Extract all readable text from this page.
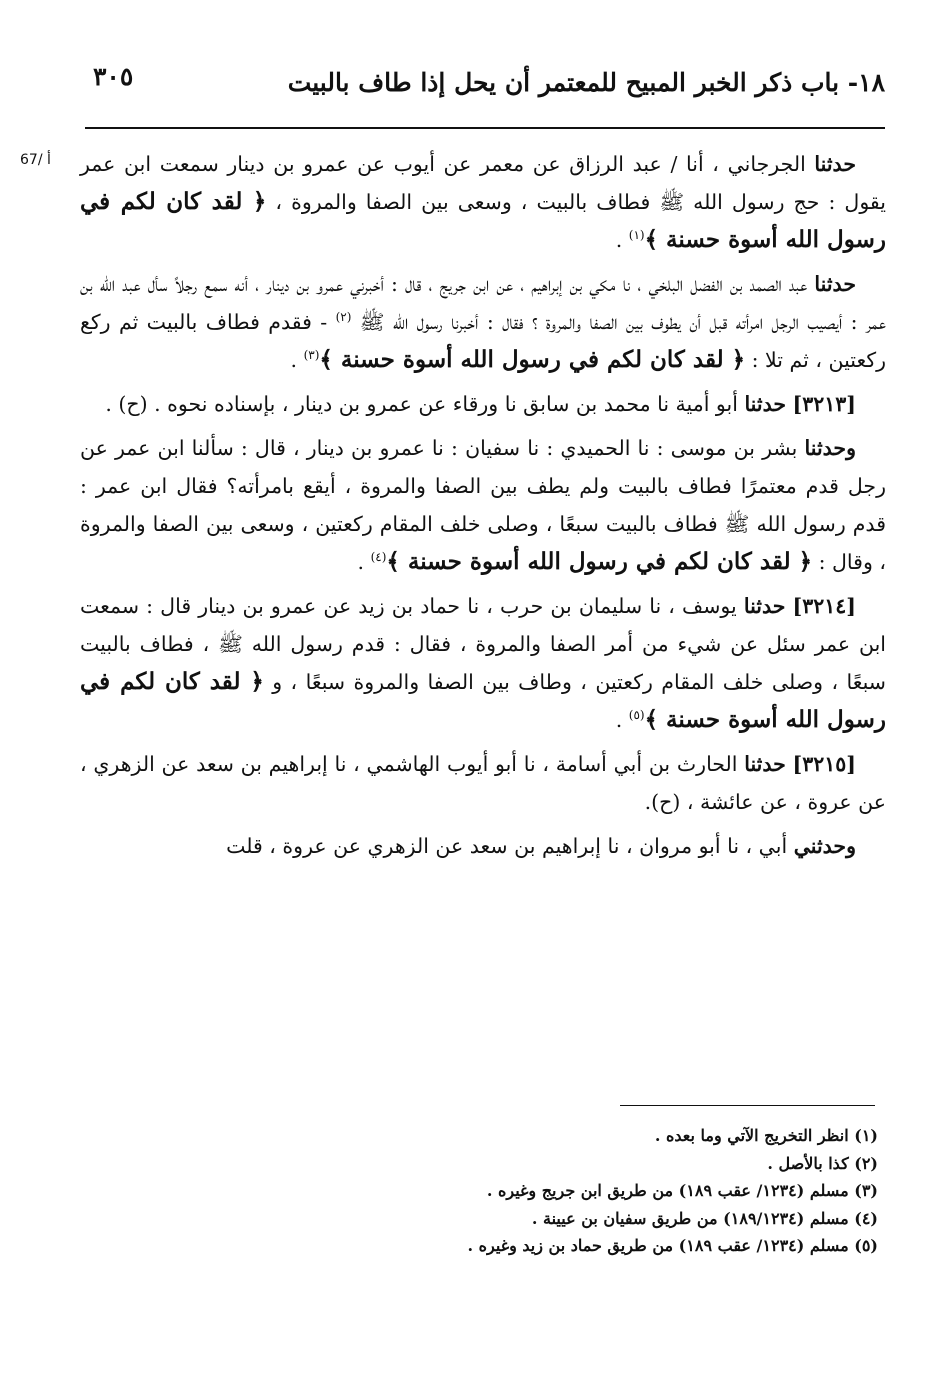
١٨- باب ذكر الخبر المبيح للمعتمر أن يحل إذا طاف بالبيت
٣٠٥
67/ أ	حدثنا الجرجاني ، أنا / عبد الرزاق عن معمر عن أيوب عن عمرو بن دينار سمعت ابن عمر يقول : حج رسول الله ﷺ فطاف بالبيت ، وسعى بين الصفا والمروة ، ﴿ لقد كان لكم في رسول الله أسوة حسنة ﴾$^{(١)}$ .

حدثنا عبد الصمد بن الفضل البلخي ، نا مكي بن إبراهيم ، عن ابن جريج ، قال : أخبرني عمرو بن دينار ، أنه سمع رجلاً سأل عبد الله بن عمر : أيصيب الرجل امرأته قبل أن يطوف بين الصفا والمروة ؟ فقال : أخبرنا رسول الله ﷺ $^{(٢)}$ - فقدم فطاف بالبيت ثم ركع ركعتين ، ثم تلا : ﴿ لقد كان لكم في رسول الله أسوة حسنة ﴾$^{(٣)}$ .

[٣٢١٣] حدثنا أبو أمية نا محمد بن سابق نا ورقاء عن عمرو بن دينار ، بإسناده نحوه . (ح) .

وحدثنا بشر بن موسى : نا الحميدي : نا سفيان : نا عمرو بن دينار ، قال : سألنا ابن عمر عن رجل قدم معتمرًا فطاف بالبيت ولم يطف بين الصفا والمروة ، أيقع بامرأته؟ فقال ابن عمر : قدم رسول الله ﷺ فطاف بالبيت سبعًا ، وصلى خلف المقام ركعتين ، وسعى بين الصفا والمروة ، وقال : ﴿ لقد كان لكم في رسول الله أسوة حسنة ﴾$^{(٤)}$ .

[٣٢١٤] حدثنا يوسف ، نا سليمان بن حرب ، نا حماد بن زيد عن عمرو بن دينار قال : سمعت ابن عمر سئل عن شيء من أمر الصفا والمروة ، فقال : قدم رسول الله ﷺ ، فطاف بالبيت سبعًا ، وصلى خلف المقام ركعتين ، وطاف بين الصفا والمروة سبعًا ، و ﴿ لقد كان لكم في رسول الله أسوة حسنة ﴾$^{(٥)}$ .

[٣٢١٥] حدثنا الحارث بن أبي أسامة ، نا أبو أيوب الهاشمي ، نا إبراهيم بن سعد عن الزهري ، عن عروة ، عن عائشة ، (ح).

وحدثني أبي ، نا أبو مروان ، نا إبراهيم بن سعد عن الزهري عن عروة ، قلت

(١) انظر التخريج الآتي وما بعده .

(٢) كذا بالأصل .

(٣) مسلم (١٢٣٤/ عقب ١٨٩) من طريق ابن جريج وغيره .

(٤) مسلم (١٨٩/١٢٣٤) من طريق سفيان بن عيينة .

(٥) مسلم (١٢٣٤/ عقب ١٨٩) من طريق حماد بن زيد وغيره .
